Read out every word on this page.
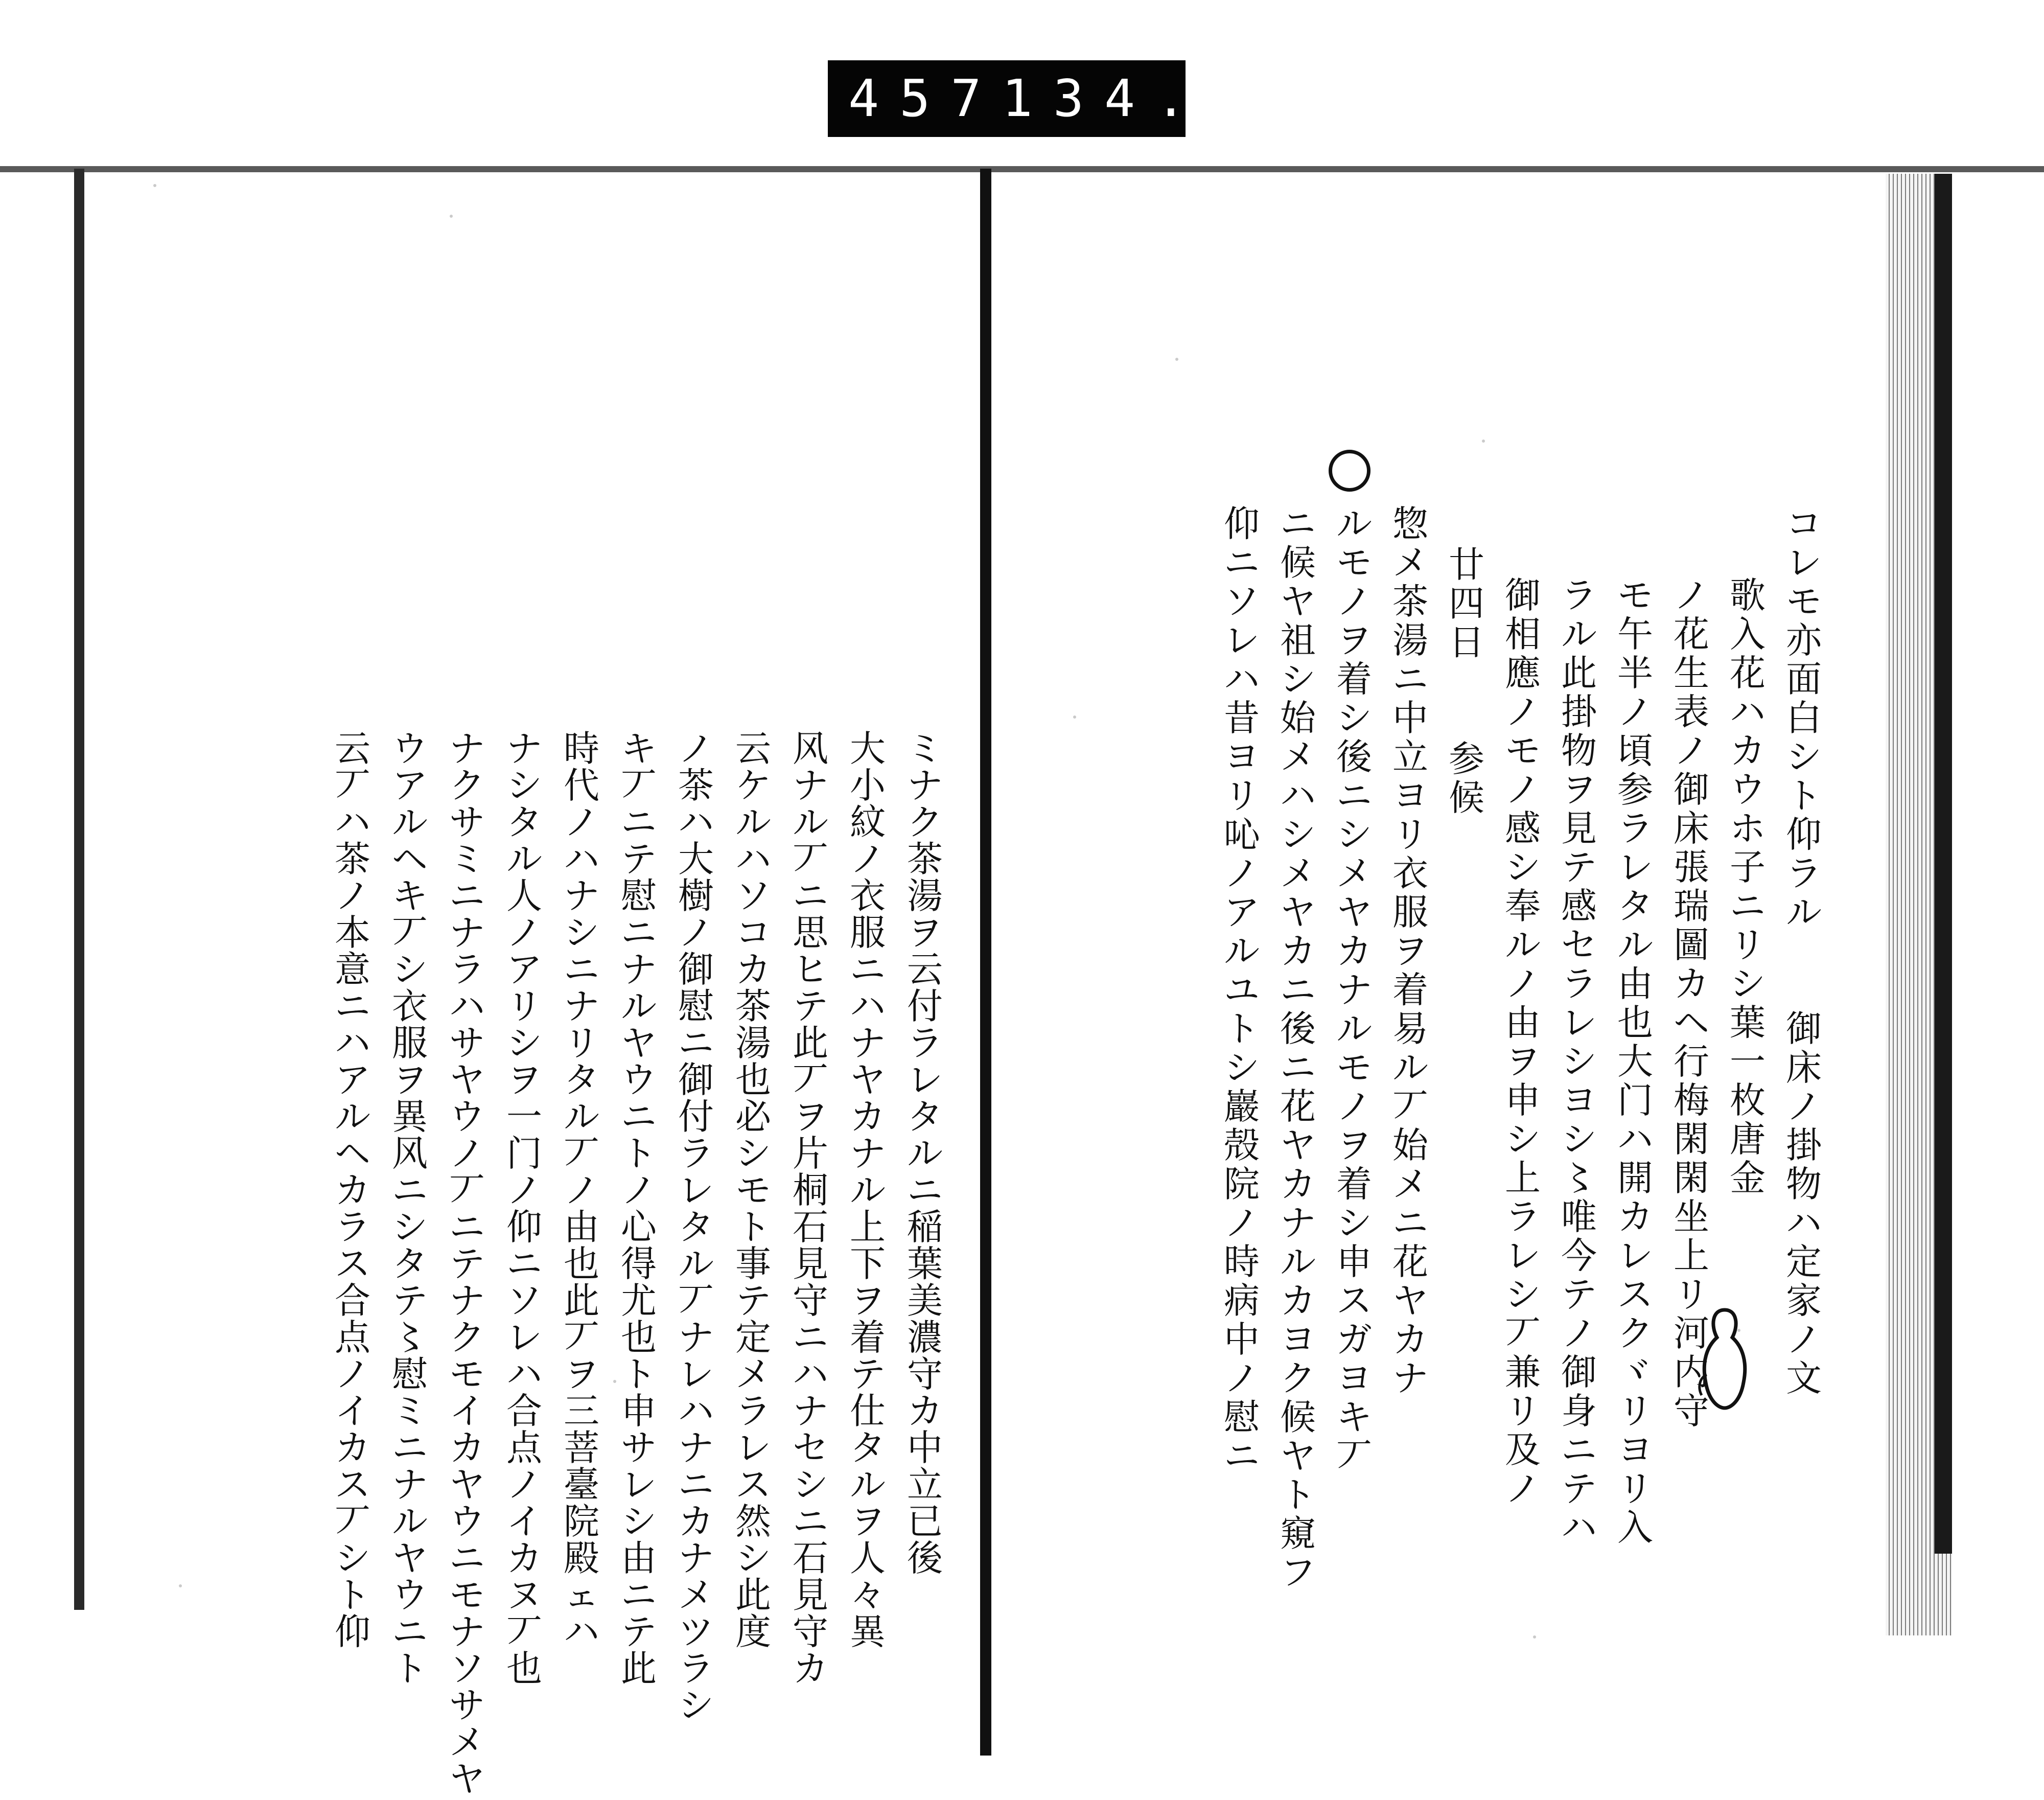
457 134.
コ
レ
モ
亦
面
白
シ
ト
仰
ラ
ル
御
床
ノ
掛
物
ハ
定
家
ノ
文
歌
入
花
ハ
カ
ウ
ホ
子
ニ
リ
シ
葉
一
枚
唐
金
ノ
花
生
表
ノ
御
床
張
瑞
圖
カ
ヘ
行
梅
閑
閑
坐
上
リ
河
内
守
モ
午
半
ノ
頃
参
ラ
レ
タ
ル
由
也
大
门
ハ
開
カ
レ
ス
ク
ヾ
リ
ヨ
リ
入
ラ
ル
此
掛
物
ヲ
見
テ
感
セ
ラ
レ
シ
ヨ
シ
〻
唯
今
テ
ノ
御
身
ニ
テ
ハ
御
相
應
ノ
モ
ノ
感
シ
奉
ル
ノ
由
ヲ
申
シ
上
ラ
レ
シ
丆
兼
リ
及
ノ
廿
四
日
参
候
惣
メ
茶
湯
ニ
中
立
ヨ
リ
衣
服
ヲ
着
易
ル
丆
始
メ
ニ
花
ヤ
カ
ナ
ル
モ
ノ
ヲ
着
シ
後
ニ
シ
メ
ヤ
カ
ナ
ル
モ
ノ
ヲ
着
シ
申
ス
ガ
ヨ
キ
丆
ニ
候
ヤ
祖
シ
始
メ
ハ
シ
メ
ヤ
カ
ニ
後
ニ
花
ヤ
カ
ナ
ル
カ
ヨ
ク
候
ヤ
ト
窺
フ
仰
ニ
ソ
レ
ハ
昔
ヨ
リ
吣
ノ
ア
ル
ユ
ト
シ
巖
殻
院
ノ
時
病
中
ノ
慰
ニ
ミ
ナ
ク
茶
湯
ヲ
云
付
ラ
レ
タ
ル
ニ
稲
葉
美
濃
守
カ
中
立
已
後
大
小
紋
ノ
衣
服
ニ
ハ
ナ
ヤ
カ
ナ
ル
上
下
ヲ
着
テ
仕
タ
ル
ヲ
人
々
異
风
ナ
ル
丆
ニ
思
ヒ
テ
此
丆
ヲ
片
桐
石
見
守
ニ
ハ
ナ
セ
シ
ニ
石
見
守
カ
云
ケ
ル
ハ
ソ
コ
カ
茶
湯
也
必
シ
モ
ト
事
テ
定
メ
ラ
レ
ス
然
シ
此
度
ノ
茶
ハ
大
樹
ノ
御
慰
ニ
御
付
ラ
レ
タ
ル
丆
ナ
レ
ハ
ナ
ニ
カ
ナ
メ
ツ
ラ
シ
キ
丆
ニ
テ
慰
ニ
ナ
ル
ヤ
ウ
ニ
ト
ノ
心
得
尤
也
ト
申
サ
レ
シ
由
ニ
テ
此
時
代
ノ
ハ
ナ
シ
ニ
ナ
リ
タ
ル
丆
ノ
由
也
此
丆
ヲ
三
菩
臺
院
殿
ェ
ハ
ナ
シ
タ
ル
人
ノ
ア
リ
シ
ヲ
一
门
ノ
仰
ニ
ソ
レ
ハ
合
点
ノ
イ
カ
ヌ
丆
也
ナ
ク
サ
ミ
ニ
ナ
ラ
ハ
サ
ヤ
ウ
ノ
丆
ニ
テ
ナ
ク
モ
イ
カ
ヤ
ウ
ニ
モ
ナ
ソ
サ
メ
ヤ
ウ
ア
ル
ヘ
キ
丆
シ
衣
服
ヲ
異
风
ニ
シ
タ
テ
〻
慰
ミ
ニ
ナ
ル
ヤ
ウ
ニ
ト
云
丆
ハ
茶
ノ
本
意
ニ
ハ
ア
ル
ヘ
カ
ラ
ス
合
点
ノ
イ
カ
ス
丆
シ
ト
仰
